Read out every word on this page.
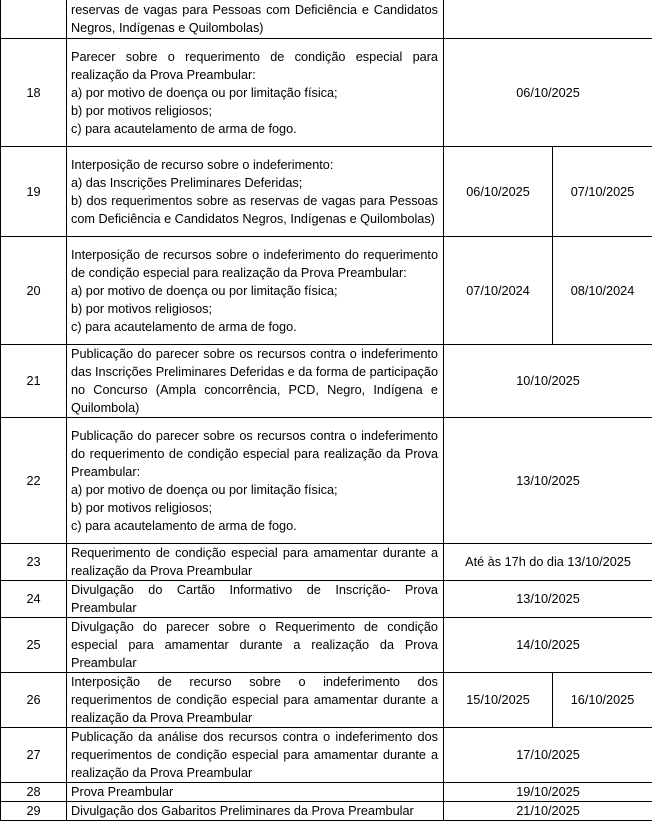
	reservas de vagas para Pessoas com Deficiência e Candidatos Negros, Indígenas e Quilombolas)		

18	Parecer sobre o requerimento de condição especial para realização da Prova Preambular:
a) por motivo de doença ou por limitação física;
b) por motivos religiosos;
c) para acautelamento de arma de fogo.	06/10/2025	
19	Interposição de recurso sobre o indeferimento:
a) das Inscrições Preliminares Deferidas;
b) dos requerimentos sobre as reservas de vagas para Pessoas com Deficiência e Candidatos Negros, Indígenas e Quilombolas)	06/10/2025	07/10/2025
20	Interposição de recursos sobre o indeferimento do requerimento de condição especial para realização da Prova Preambular:
a) por motivo de doença ou por limitação física;
b) por motivos religiosos;
c) para acautelamento de arma de fogo.	07/10/2024	08/10/2024
21	Publicação do parecer sobre os recursos contra o indeferimento das Inscrições Preliminares Deferidas e da forma de participação no Concurso (Ampla concorrência, PCD, Negro, Indígena e Quilombola)	10/10/2025	
22	Publicação do parecer sobre os recursos contra o indeferimento do requerimento de condição especial para realização da Prova Preambular:
a) por motivo de doença ou por limitação física;
b) por motivos religiosos;
c) para acautelamento de arma de fogo.	13/10/2025	
23	Requerimento de condição especial para amamentar durante a realização da Prova Preambular	Até às 17h do dia 13/10/2025	
24	Divulgação do Cartão Informativo de Inscrição- Prova Preambular	13/10/2025	
25	Divulgação do parecer sobre o Requerimento de condição especial para amamentar durante a realização da Prova Preambular	14/10/2025	
26	Interposição de recurso sobre o indeferimento dos requerimentos de condição especial para amamentar durante a realização da Prova Preambular	15/10/2025	16/10/2025
27	Publicação da análise dos recursos contra o indeferimento dos requerimentos de condição especial para amamentar durante a realização da Prova Preambular	17/10/2025	
28	Prova Preambular	19/10/2025	
29	Divulgação dos Gabaritos Preliminares da Prova Preambular	21/10/2025	
